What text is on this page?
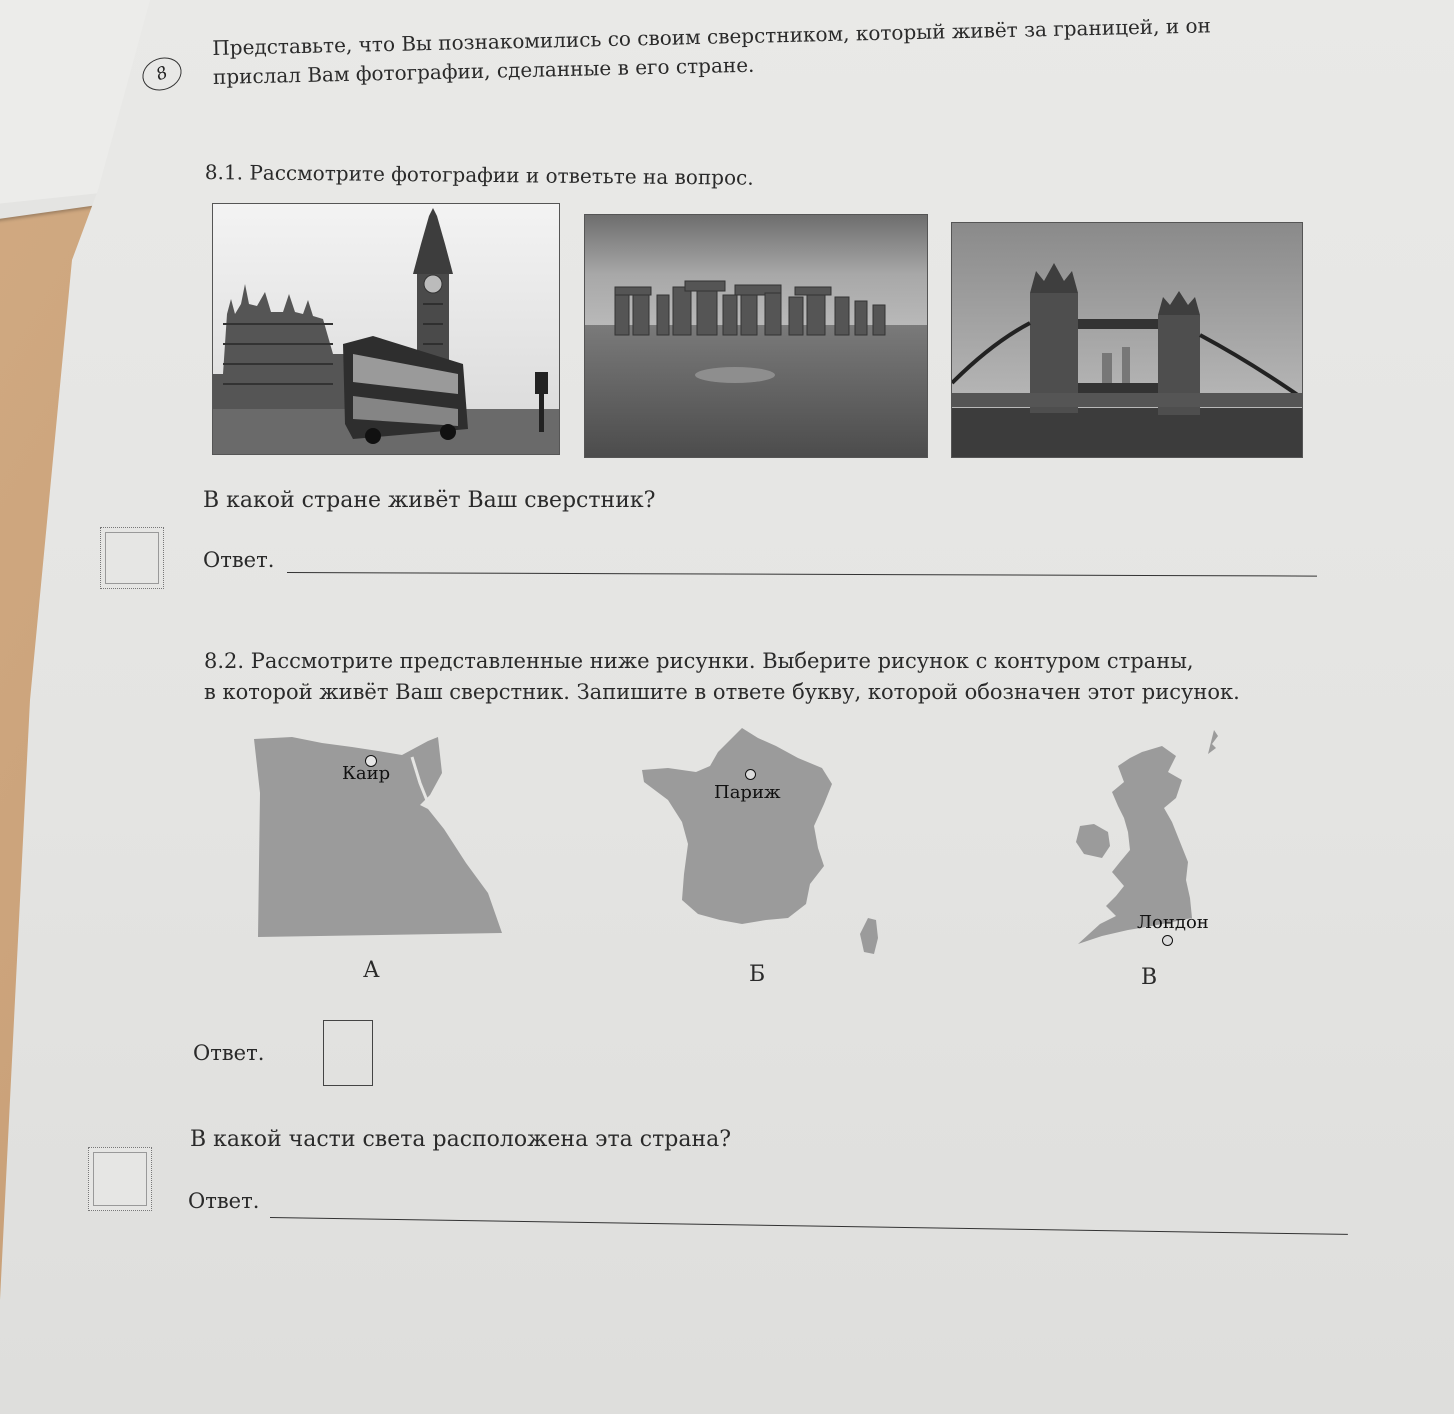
8
Представьте, что Вы познакомились со своим сверстником, который живёт за границей, и он
прислал Вам фотографии, сделанные в его стране.
8.1. Рассмотрите фотографии и ответьте на вопрос.
В какой стране живёт Ваш сверстник?
Ответ.
8.2. Рассмотрите представленные ниже рисунки. Выберите рисунок с контуром страны,
в которой живёт Ваш сверстник. Запишите в ответе букву, которой обозначен этот рисунок.
Каир
А
Париж
Б
Лондон
В
Ответ.
В какой части света расположена эта страна?
Ответ.
